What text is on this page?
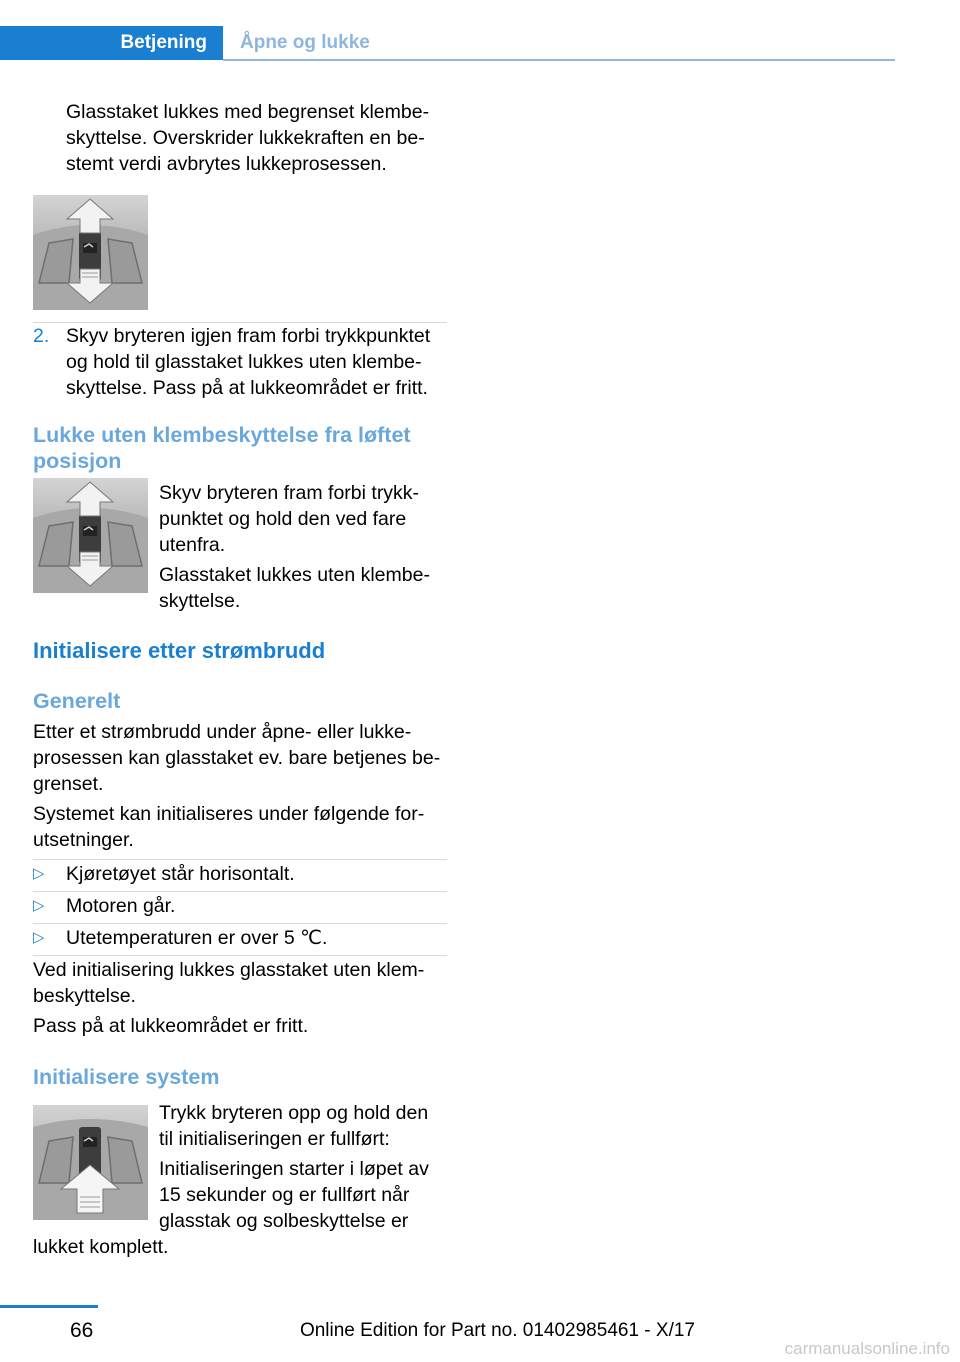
Betjening	Åpne og lukke

Glasstaket lukkes med begrenset klembe‐

skyttelse. Overskrider lukkekraften en be‐

stemt verdi avbrytes lukkeprosessen.

2. Skyv bryteren igjen fram forbi trykkpunktet

og hold til glasstaket lukkes uten klembe‐

skyttelse. Pass på at lukkeområdet er fritt.

Lukke uten klembeskyttelse fra løftet
posisjon

Skyv bryteren fram forbi trykk‐

punktet og hold den ved fare

utenfra.

Glasstaket lukkes uten klembe‐

skyttelse.

Initialisere etter strømbrudd
Generelt

Etter et strømbrudd under åpne- eller lukke‐

prosessen kan glasstaket ev. bare betjenes be‐

grenset.

Systemet kan initialiseres under følgende for‐

utsetninger.

▷ Kjøretøyet står horisontalt.

▷ Motoren går.

▷ Utetemperaturen er over 5 ℃.

Ved initialisering lukkes glasstaket uten klem‐

beskyttelse.

Pass på at lukkeområdet er fritt.

Initialisere system

Trykk bryteren opp og hold den

til initialiseringen er fullført:

Initialiseringen starter i løpet av

15 sekunder og er fullført når

glasstak og solbeskyttelse er

lukket komplett.

66	Online Edition for Part no. 01402985461 - X/17
carmanualsonline.info
